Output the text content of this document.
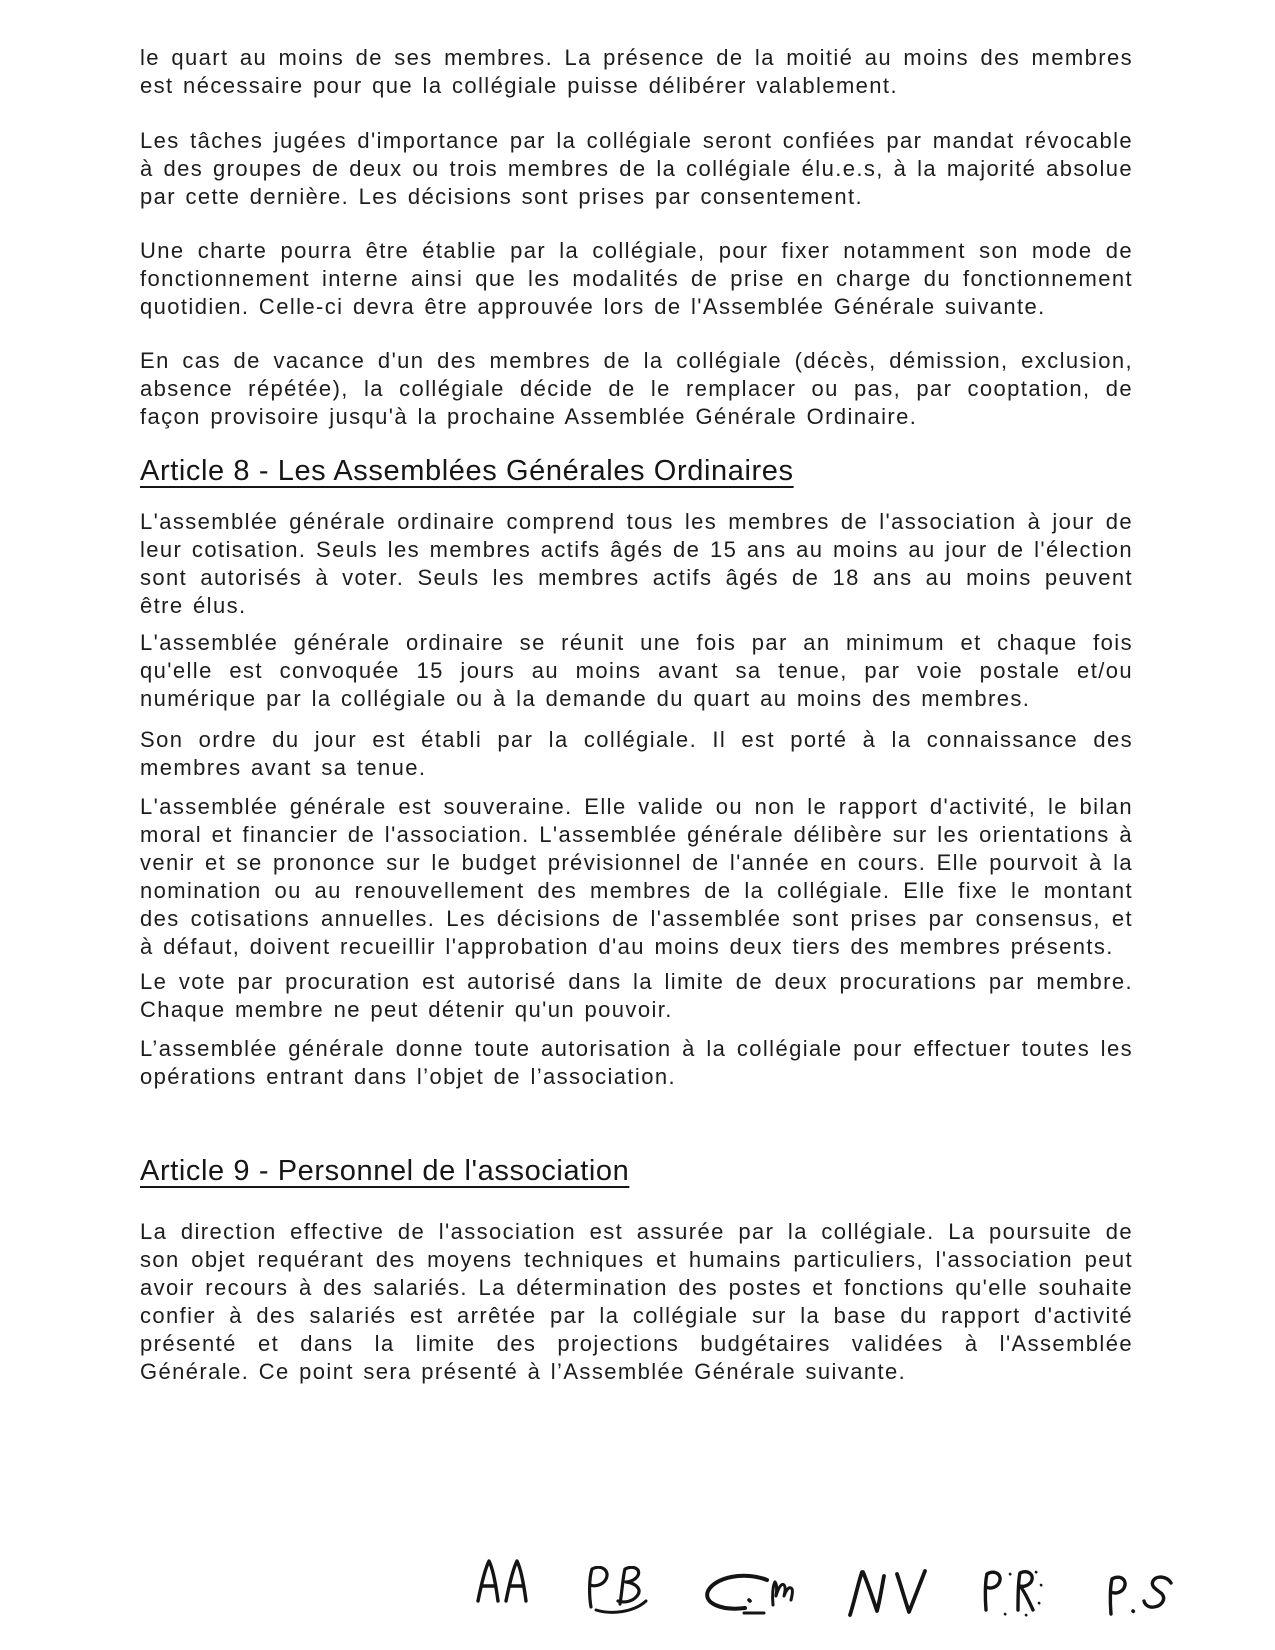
le quart au moins de ses membres. La présence de la moitié au moins des membres est nécessaire pour que la collégiale puisse délibérer valablement.

Les tâches jugées d'importance par la collégiale seront confiées par mandat révocable à des groupes de deux ou trois membres de la collégiale élu.e.s, à la majorité absolue par cette dernière. Les décisions sont prises par consentement.

Une charte pourra être établie par la collégiale, pour fixer notamment son mode de fonctionnement interne ainsi que les modalités de prise en charge du fonctionnement quotidien. Celle-ci devra être approuvée lors de l'Assemblée Générale suivante.

En cas de vacance d'un des membres de la collégiale (décès, démission, exclusion, absence répétée), la collégiale décide de le remplacer ou pas, par cooptation, de façon provisoire jusqu'à la prochaine Assemblée Générale Ordinaire.

Article 8 - Les Assemblées Générales Ordinaires

L'assemblée générale ordinaire comprend tous les membres de l'association à jour de leur cotisation. Seuls les membres actifs âgés de 15 ans au moins au jour de l'élection sont autorisés à voter. Seuls les membres actifs âgés de 18 ans au moins peuvent être élus.

L'assemblée générale ordinaire se réunit une fois par an minimum et chaque fois qu'elle est convoquée 15 jours au moins avant sa tenue, par voie postale et/ou numérique par la collégiale ou à la demande du quart au moins des membres.

Son ordre du jour est établi par la collégiale. Il est porté à la connaissance des membres avant sa tenue.

L'assemblée générale est souveraine. Elle valide ou non le rapport d'activité, le bilan moral et financier de l'association. L'assemblée générale délibère sur les orientations à venir et se prononce sur le budget prévisionnel de l'année en cours. Elle pourvoit à la nomination ou au renouvellement des membres de la collégiale. Elle fixe le montant des cotisations annuelles. Les décisions de l'assemblée sont prises par consensus, et à défaut, doivent recueillir l'approbation d'au moins deux tiers des membres présents.

Le vote par procuration est autorisé dans la limite de deux procurations par membre. Chaque membre ne peut détenir qu'un pouvoir.

L’assemblée générale donne toute autorisation à la collégiale pour effectuer toutes les opérations entrant dans l’objet de l’association.

Article 9 - Personnel de l'association

La direction effective de l'association est assurée par la collégiale. La poursuite de son objet requérant des moyens techniques et humains particuliers, l'association peut avoir recours à des salariés. La détermination des postes et fonctions qu'elle souhaite confier à des salariés est arrêtée par la collégiale sur la base du rapport d'activité présenté et dans la limite des projections budgétaires validées à l'Assemblée Générale. Ce point sera présenté à l’Assemblée Générale suivante.
